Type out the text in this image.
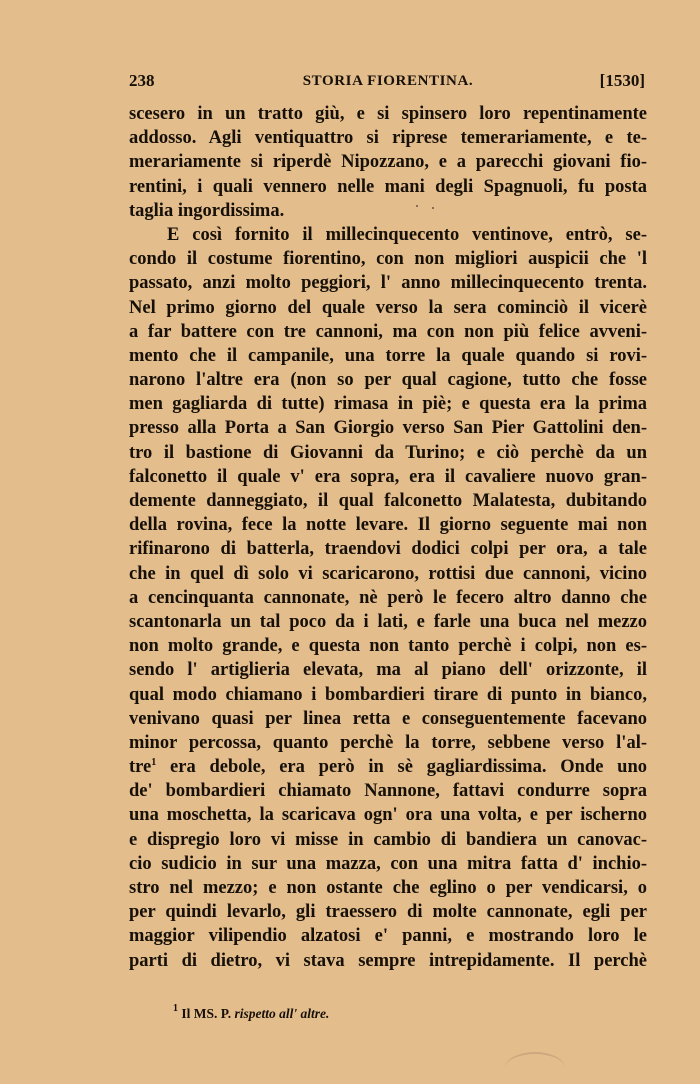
238	STORIA FIORENTINA.	[1530]
scesero in un tratto giù, e si spinsero loro repentinamente
addosso. Agli ventiquattro si riprese temerariamente, e te-
merariamente si riperdè Nipozzano, e a parecchi giovani fio-
rentini, i quali vennero nelle mani degli Spagnuoli, fu posta
taglia ingordissima.
E così fornito il millecinquecento ventinove, entrò, se-
condo il costume fiorentino, con non migliori auspicii che 'l
passato, anzi molto peggiori, l' anno millecinquecento trenta.
Nel primo giorno del quale verso la sera cominciò il vicerè
a far battere con tre cannoni, ma con non più felice avveni-
mento che il campanile, una torre la quale quando si rovi-
narono l'altre era (non so per qual cagione, tutto che fosse
men gagliarda di tutte) rimasa in piè; e questa era la prima
presso alla Porta a San Giorgio verso San Pier Gattolini den-
tro il bastione di Giovanni da Turino; e ciò perchè da un
falconetto il quale v' era sopra, era il cavaliere nuovo gran-
demente danneggiato, il qual falconetto Malatesta, dubitando
della rovina, fece la notte levare. Il giorno seguente mai non
rifinarono di batterla, traendovi dodici colpi per ora, a tale
che in quel dì solo vi scaricarono, rottisi due cannoni, vicino
a cencinquanta cannonate, nè però le fecero altro danno che
scantonarla un tal poco da i lati, e farle una buca nel mezzo
non molto grande, e questa non tanto perchè i colpi, non es-
sendo l' artiglieria elevata, ma al piano dell' orizzonte, il
qual modo chiamano i bombardieri tirare di punto in bianco,
venivano quasi per linea retta e conseguentemente facevano
minor percossa, quanto perchè la torre, sebbene verso l'al-
tre$^1$ era debole, era però in sè gagliardissima. Onde uno
de' bombardieri chiamato Nannone, fattavi condurre sopra
una moschetta, la scaricava ogn' ora una volta, e per ischerno
e dispregio loro vi misse in cambio di bandiera un canovac-
cio sudicio in sur una mazza, con una mitra fatta d' inchio-
stro nel mezzo; e non ostante che eglino o per vendicarsi, o
per quindi levarlo, gli traessero di molte cannonate, egli per
maggior vilipendio alzatosi e' panni, e mostrando loro le
parti di dietro, vi stava sempre intrepidamente. Il perchè
$^1$ Il MS. P. rispetto all' altre.
